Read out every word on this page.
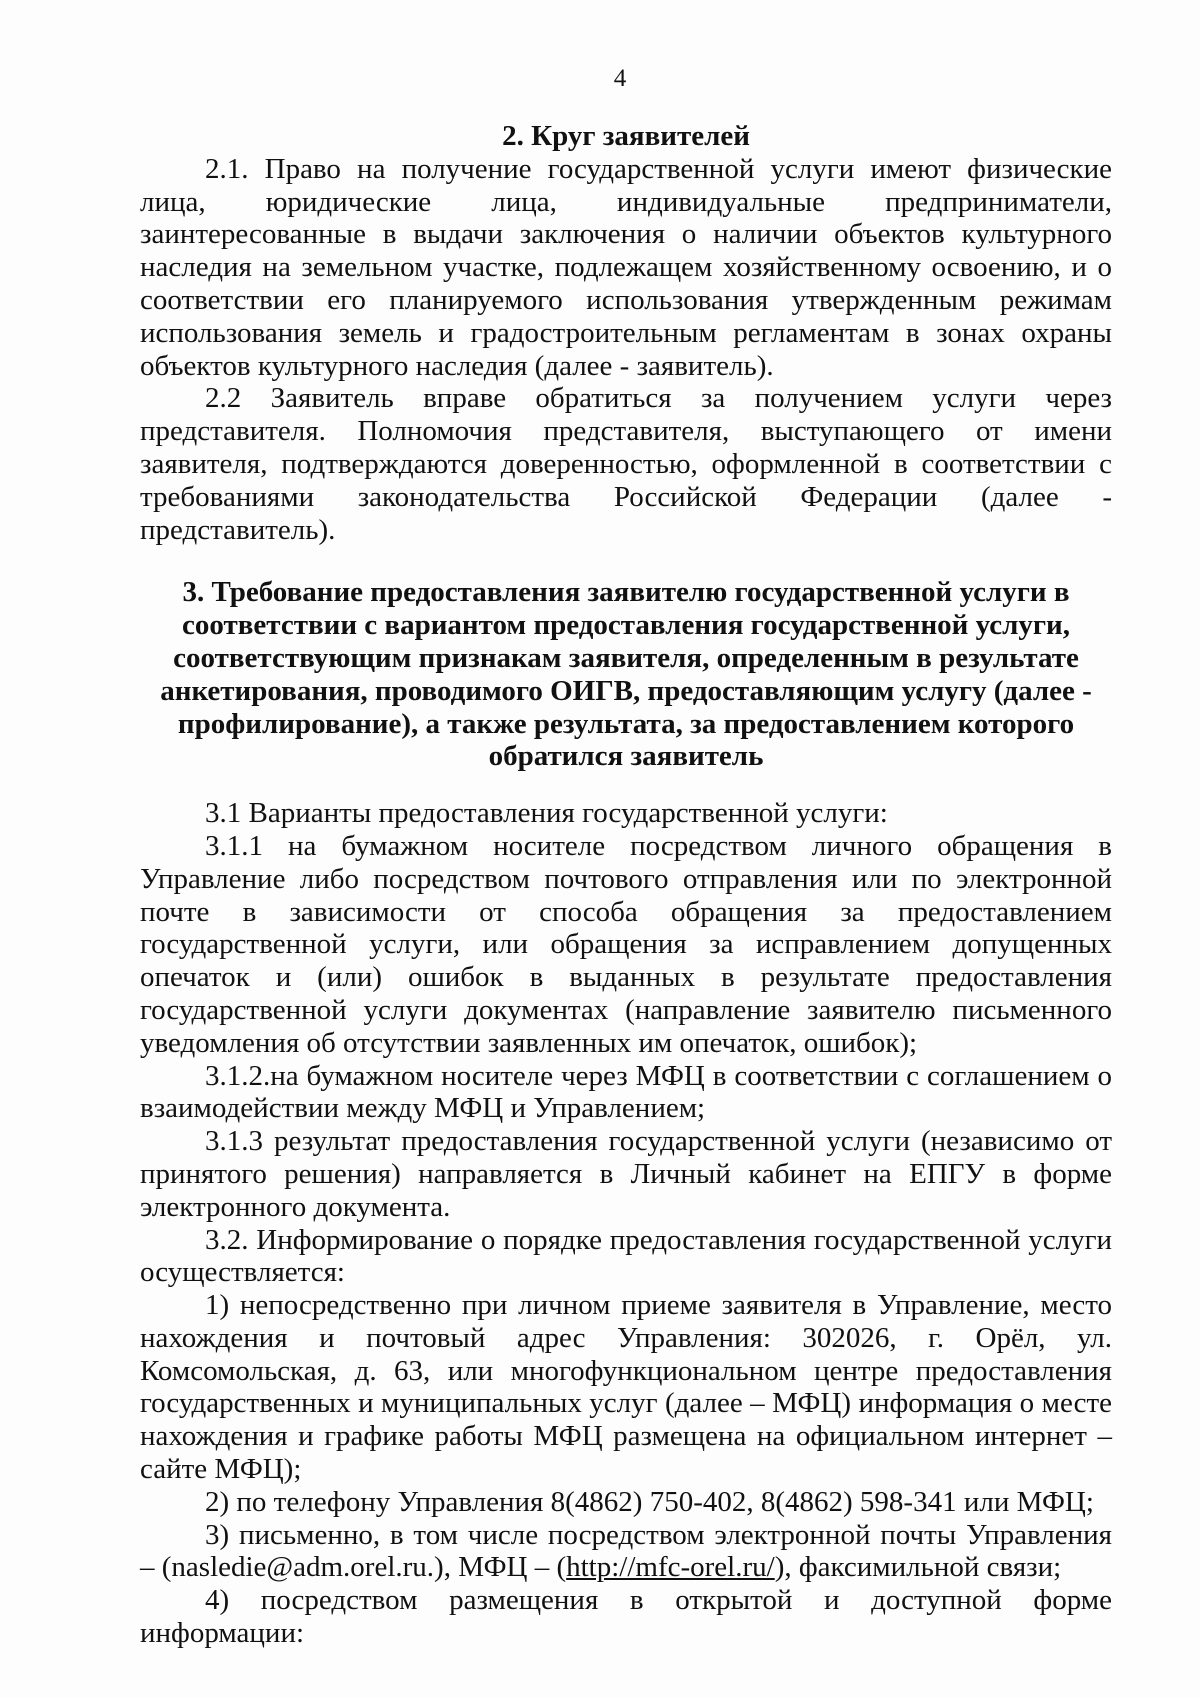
4
2. Круг заявителей

2.1. Право на получение государственной услуги имеют физические лица, юридические лица, индивидуальные предприниматели, заинтересованные в выдачи заключения о наличии объектов культурного наследия на земельном участке, подлежащем хозяйственному освоению, и о соответствии его планируемого использования утвержденным режимам использования земель и градостроительным регламентам в зонах охраны объектов культурного наследия (далее - заявитель).

2.2 Заявитель вправе обратиться за получением услуги через представителя. Полномочия представителя, выступающего от имени заявителя, подтверждаются доверенностью, оформленной в соответствии с требованиями законодательства Российской Федерации (далее - представитель).

3. Требование предоставления заявителю государственной услуги в
соответствии с вариантом предоставления государственной услуги,
соответствующим признакам заявителя, определенным в результате
анкетирования, проводимого ОИГВ, предоставляющим услугу (далее -
профилирование), а также результата, за предоставлением которого
обратился заявитель

3.1 Варианты предоставления государственной услуги:

3.1.1 на бумажном носителе посредством личного обращения в Управление либо посредством почтового отправления или по электронной почте в зависимости от способа обращения за предоставлением государственной услуги, или обращения за исправлением допущенных опечаток и (или) ошибок в выданных в результате предоставления государственной услуги документах (направление заявителю письменного уведомления об отсутствии заявленных им опечаток, ошибок);

3.1.2.на бумажном носителе через МФЦ в соответствии с соглашением о взаимодействии между МФЦ и Управлением;

3.1.3 результат предоставления государственной услуги (независимо от принятого решения) направляется в Личный кабинет на ЕПГУ в форме электронного документа.

3.2. Информирование о порядке предоставления государственной услуги осуществляется:

1) непосредственно при личном приеме заявителя в Управление, место нахождения и почтовый адрес Управления: 302026, г. Орёл, ул. Комсомольская, д. 63, или многофункциональном центре предоставления государственных и муниципальных услуг (далее – МФЦ) информация о месте нахождения и графике работы МФЦ размещена на официальном интернет – сайте МФЦ);

2) по телефону Управления 8(4862) 750-402, 8(4862) 598-341 или МФЦ;

3) письменно, в том числе посредством электронной почты Управления – (nasledie@adm.orel.ru.), МФЦ – (http://mfc-orel.ru/), факсимильной связи;

4) посредством размещения в открытой и доступной форме информации:
